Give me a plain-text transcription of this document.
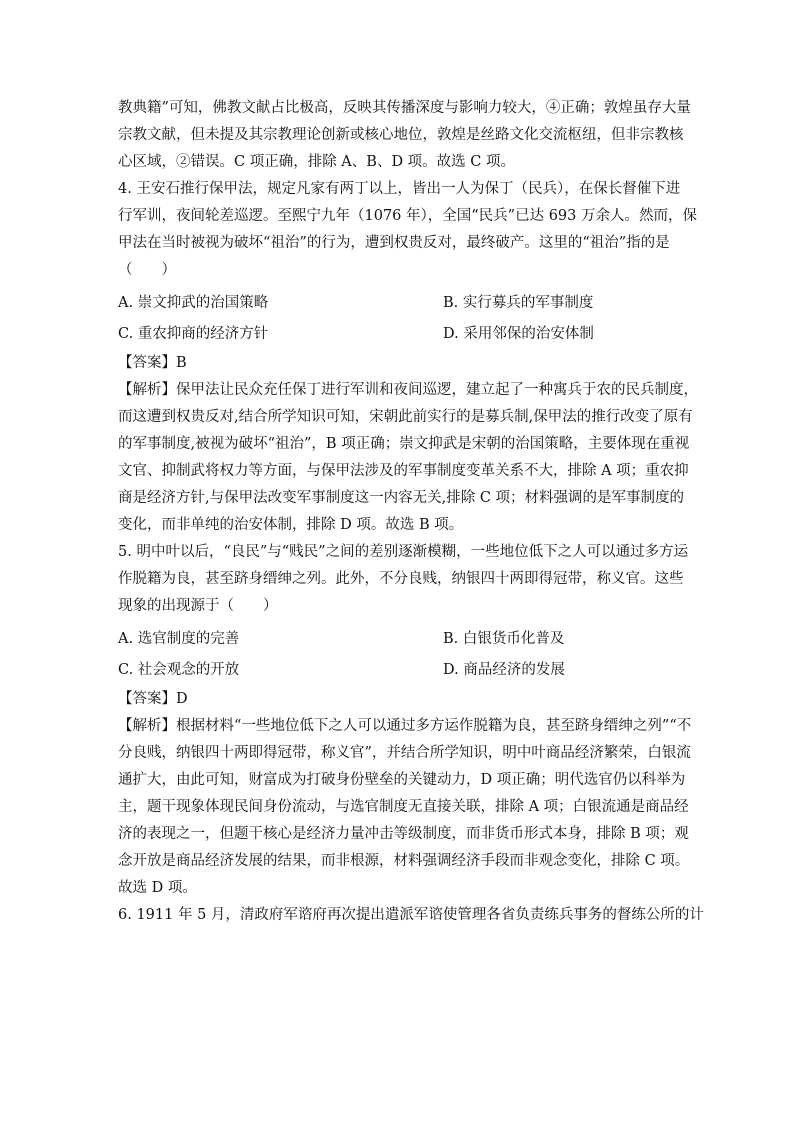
教典籍”可知，佛教文献占比极高，反映其传播深度与影响力较大，④正确；敦煌虽存大量
宗教文献，但未提及其宗教理论创新或核心地位，敦煌是丝路文化交流枢纽，但非宗教核
心区域，②错误。C 项正确，排除 A、B、D 项。故选 C 项。
4. 王安石推行保甲法，规定凡家有两丁以上，皆出一人为保丁（民兵），在保长督催下进
行军训，夜间轮差巡逻。至熙宁九年（1076 年），全国“民兵”已达 693 万余人。然而，保
甲法在当时被视为破坏“祖治”的行为，遭到权贵反对，最终破产。这里的“祖治”指的是
（　　）
A. 崇文抑武的治国策略	B. 实行募兵的军事制度
C. 重农抑商的经济方针	D. 采用邻保的治安体制
【答案】B
【解析】保甲法让民众充任保丁进行军训和夜间巡逻，建立起了一种寓兵于农的民兵制度，
而这遭到权贵反对,结合所学知识可知，宋朝此前实行的是募兵制,保甲法的推行改变了原有
的军事制度,被视为破坏“祖治”，B 项正确；崇文抑武是宋朝的治国策略，主要体现在重视
文官、抑制武将权力等方面，与保甲法涉及的军事制度变革关系不大，排除 A 项；重农抑
商是经济方针,与保甲法改变军事制度这一内容无关,排除 C 项；材料强调的是军事制度的
变化，而非单纯的治安体制，排除 D 项。故选 B 项。
5. 明中叶以后，“良民”与“贱民”之间的差别逐渐模糊，一些地位低下之人可以通过多方运
作脱籍为良，甚至跻身缙绅之列。此外，不分良贱，纳银四十两即得冠带，称义官。这些
现象的出现源于（　　）
A. 选官制度的完善	B. 白银货币化普及
C. 社会观念的开放	D. 商品经济的发展
【答案】D
【解析】根据材料“一些地位低下之人可以通过多方运作脱籍为良，甚至跻身缙绅之列”“不
分良贱，纳银四十两即得冠带，称义官”，并结合所学知识，明中叶商品经济繁荣，白银流
通扩大，由此可知，财富成为打破身份壁垒的关键动力，D 项正确；明代选官仍以科举为
主，题干现象体现民间身份流动，与选官制度无直接关联，排除 A 项；白银流通是商品经
济的表现之一，但题干核心是经济力量冲击等级制度，而非货币形式本身，排除 B 项；观
念开放是商品经济发展的结果，而非根源，材料强调经济手段而非观念变化，排除 C 项。
故选 D 项。
6. 1911 年 5 月，清政府军谘府再次提出遣派军谘使管理各省负责练兵事务的督练公所的计
